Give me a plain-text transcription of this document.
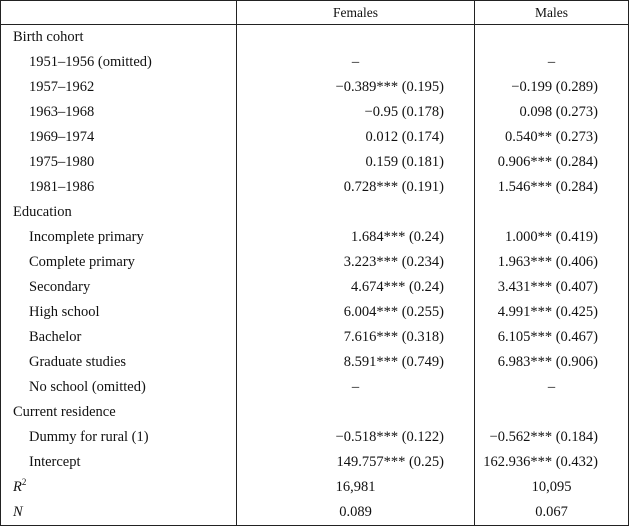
	Females	Males
Birth cohort		
1951–1956 (omitted)	–	–
1957–1962	−0.389*** (0.195)	−0.199 (0.289)
1963–1968	−0.95 (0.178)	0.098 (0.273)
1969–1974	0.012 (0.174)	0.540** (0.273)
1975–1980	0.159 (0.181)	0.906*** (0.284)
1981–1986	0.728*** (0.191)	1.546*** (0.284)
Education		
Incomplete primary	1.684*** (0.24)	1.000** (0.419)
Complete primary	3.223*** (0.234)	1.963*** (0.406)
Secondary	4.674*** (0.24)	3.431*** (0.407)
High school	6.004*** (0.255)	4.991*** (0.425)
Bachelor	7.616*** (0.318)	6.105*** (0.467)
Graduate studies	8.591*** (0.749)	6.983*** (0.906)
No school (omitted)	–	–
Current residence		
Dummy for rural (1)	−0.518*** (0.122)	−0.562*** (0.184)
Intercept	149.757*** (0.25)	162.936*** (0.432)
$R^2$	16,981	10,095
N	0.089	0.067
